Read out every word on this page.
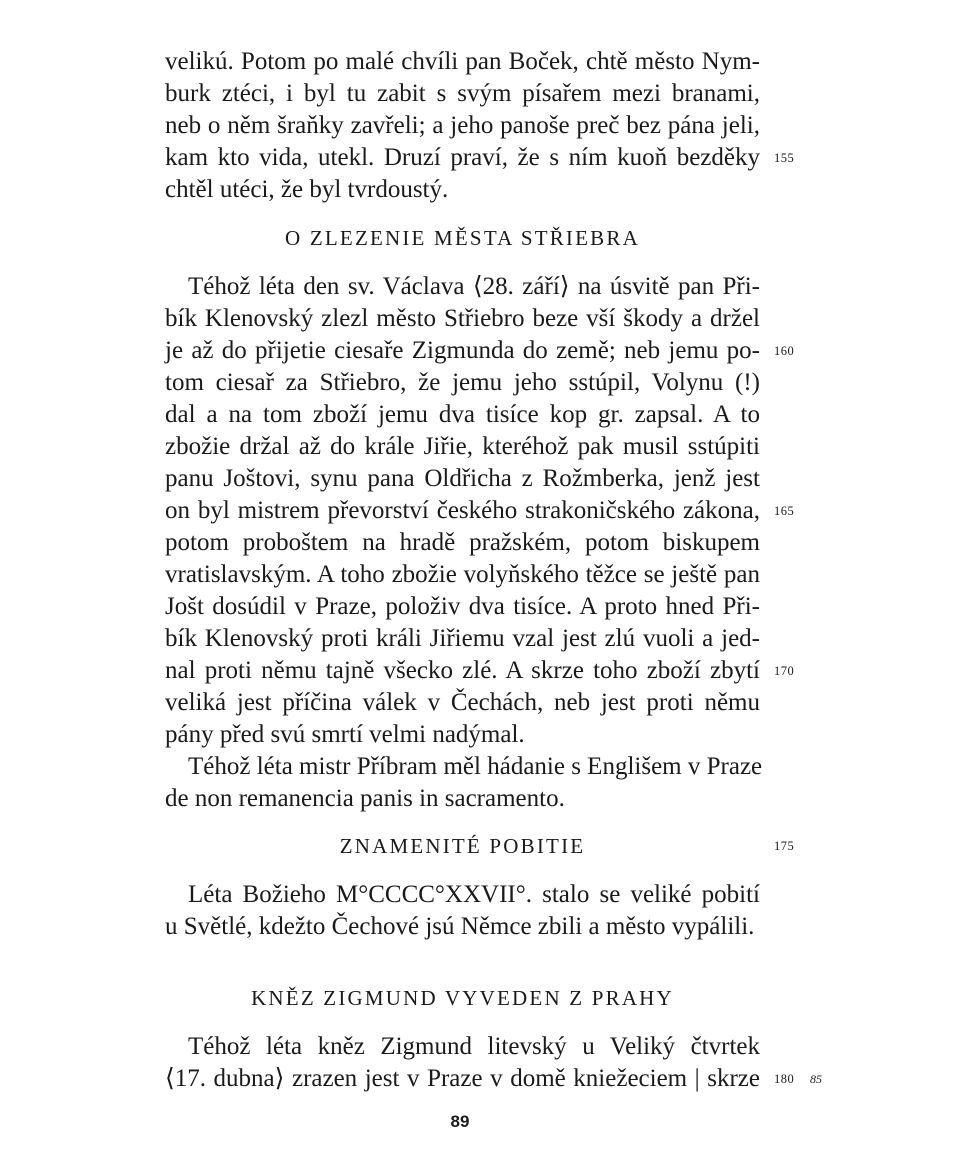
velikú. Potom po malé chvíli pan Boček, chtě město Nym-
burk ztéci, i byl tu zabit s svým písařem mezi branami,
neb o něm šraňky zavřeli; a jeho panoše preč bez pána jeli,
kam kto vida, utekl. Druzí praví, že s ním kuoň bezděky
chtěl utéci, že byl tvrdoustý.
155
O ZLEZENIE MĚSTA STŘIEBRA
Téhož léta den sv. Václava ⟨28. září⟩ na úsvitě pan Při-
bík Klenovský zlezl město Střiebro beze vší škody a držel
je až do přijetie ciesaře Zigmunda do země; neb jemu po-
tom ciesař za Střiebro, že jemu jeho sstúpil, Volynu (!)
dal a na tom zboží jemu dva tisíce kop gr. zapsal. A to
zbožie držal až do krále Jiřie, kteréhož pak musil sstúpiti
panu Joštovi, synu pana Oldřicha z Rožmberka, jenž jest
on byl mistrem převorství českého strakoničského zákona,
potom proboštem na hradě pražském, potom biskupem
vratislavským. A toho zbožie volyňského těžce se ještě pan
Jošt dosúdil v Praze, položiv dva tisíce. A proto hned Při-
bík Klenovský proti králi Jiřiemu vzal jest zlú vuoli a jed-
nal proti němu tajně všecko zlé. A skrze toho zboží zbytí
veliká jest příčina válek v Čechách, neb jest proti němu
pány před svú smrtí velmi nadýmal.
Téhož léta mistr Příbram měl hádanie s Englišem v Praze
de non remanencia panis in sacramento.
160
165
170
ZNAMENITÉ POBITIE	175
Léta Božieho M°CCCC°XXVII°. stalo se veliké pobití
u Světlé, kdežto Čechové jsú Němce zbili a město vypálili.
KNĚZ ZIGMUND VYVEDEN Z PRAHY
Téhož léta kněz Zigmund litevský u Veliký čtvrtek
⟨17. dubna⟩ zrazen jest v Praze v domě kniežeciem | skrze 180 85
89
